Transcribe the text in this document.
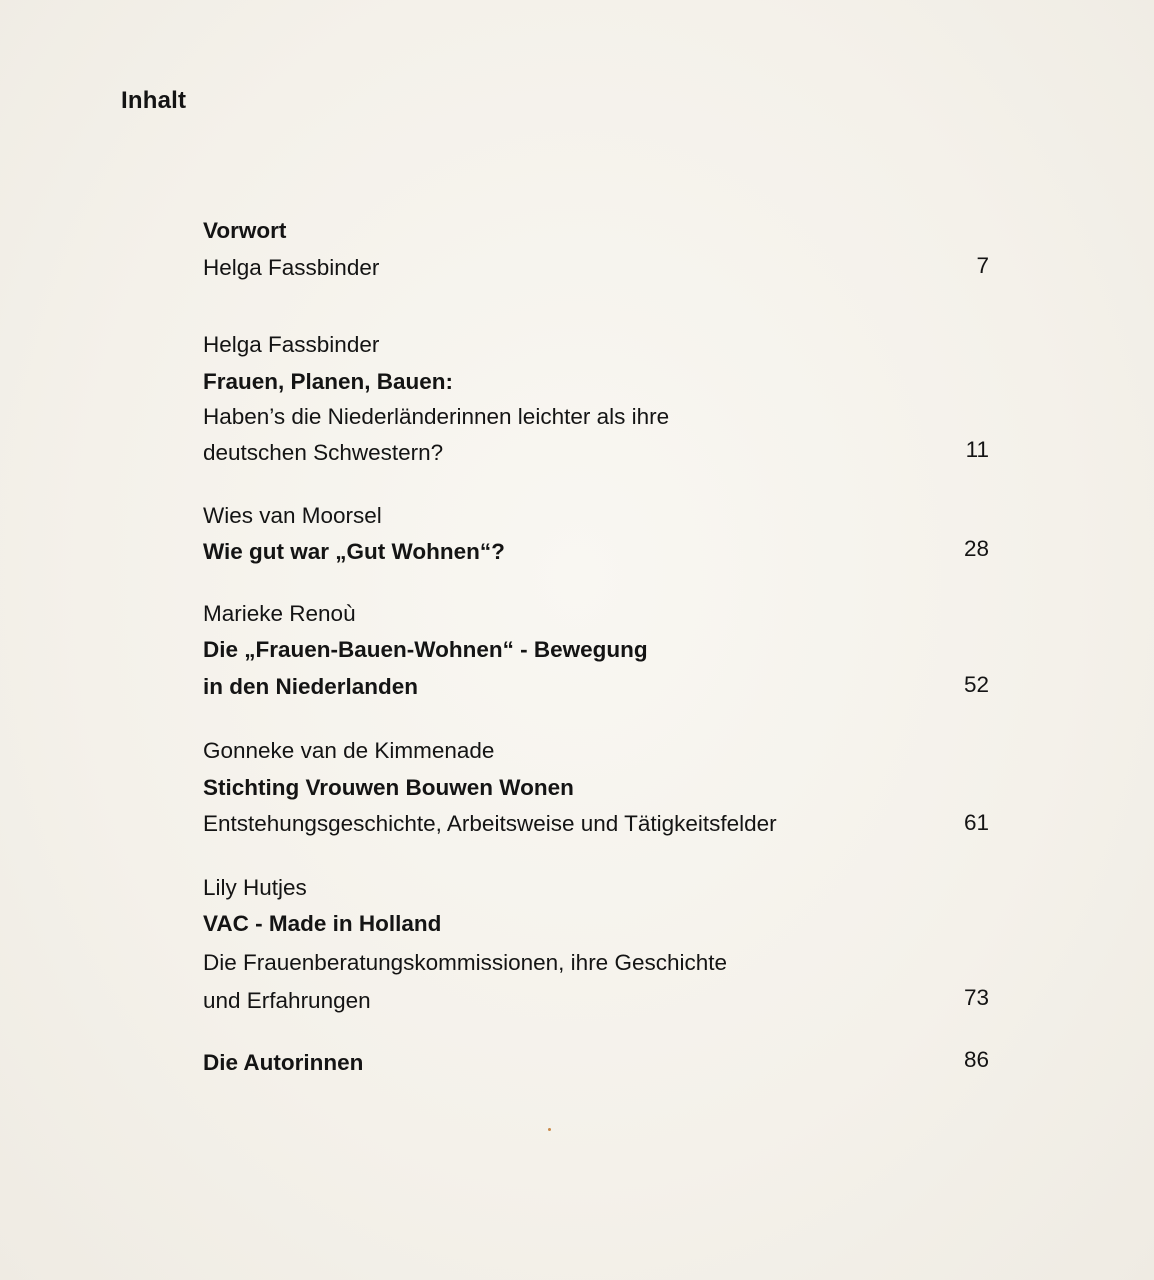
Inhalt
Vorwort
Helga Fassbinder	7
Helga Fassbinder
Frauen, Planen, Bauen:
Haben’s die Niederländerinnen leichter als ihre
deutschen Schwestern?	11
Wies van Moorsel
Wie gut war „Gut Wohnen“?	28
Marieke Renoù
Die „Frauen-Bauen-Wohnen“ - Bewegung
in den Niederlanden	52
Gonneke van de Kimmenade
Stichting Vrouwen Bouwen Wonen
Entstehungsgeschichte, Arbeitsweise und Tätigkeitsfelder	61
Lily Hutjes
VAC - Made in Holland
Die Frauenberatungskommissionen, ihre Geschichte
und Erfahrungen	73
Die Autorinnen	86
